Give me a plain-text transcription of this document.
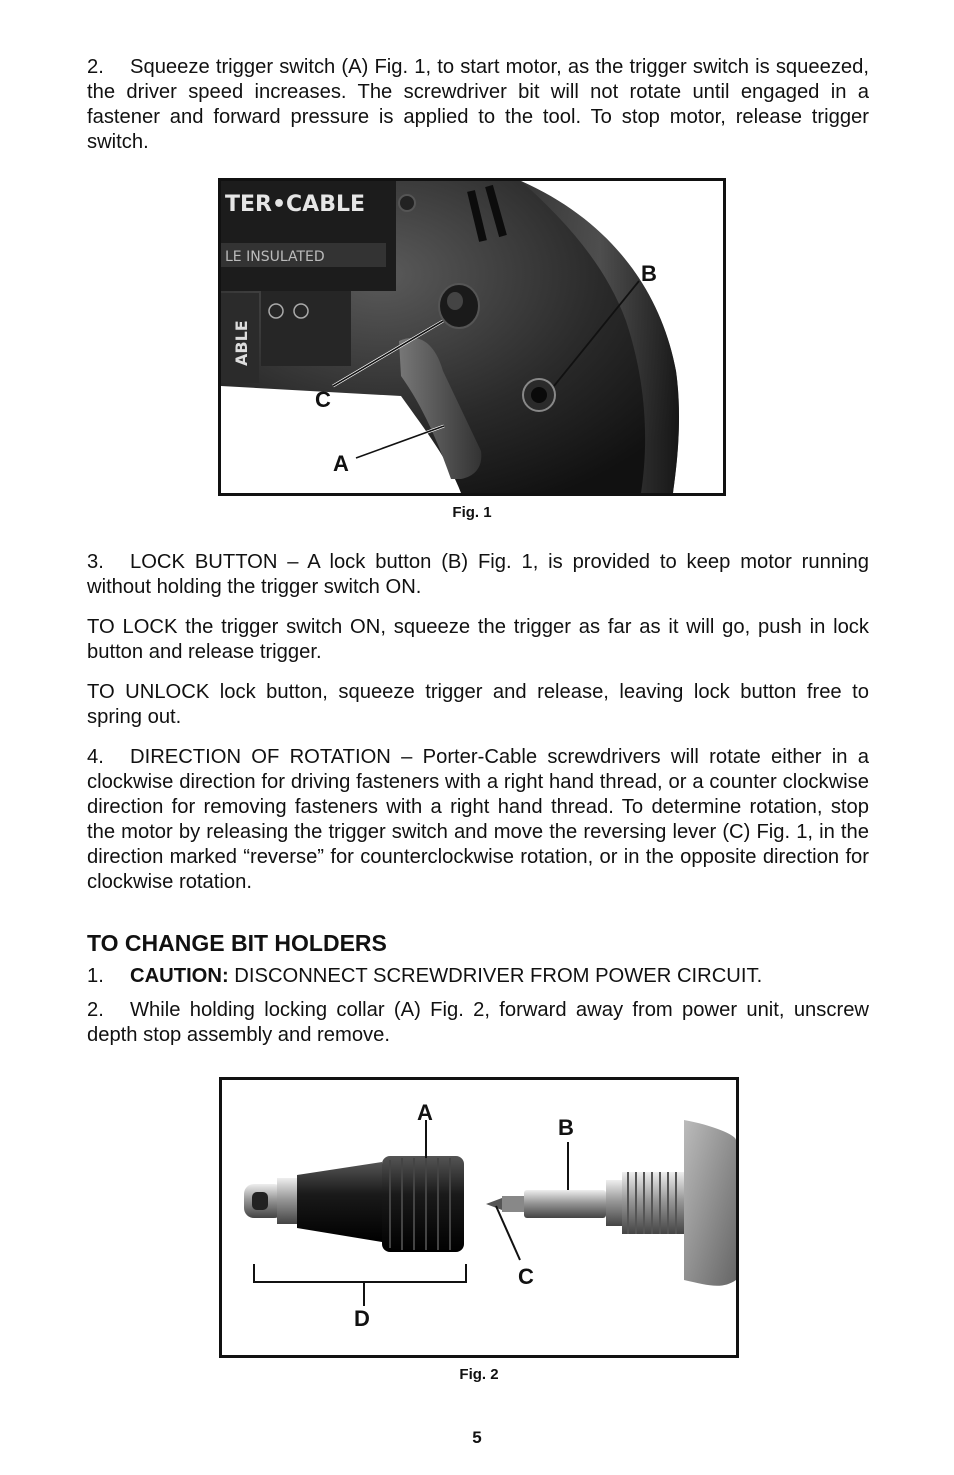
2. Squeeze trigger switch (A) Fig. 1, to start motor, as the trigger switch is squeezed, the driver speed increases. The screwdriver bit will not rotate until engaged in a fastener and forward pressure is applied to the tool. To stop motor, release trigger switch.

TER•CABLE
LE INSULATED
ABLE
B
C
A

Fig. 1

3. LOCK BUTTON – A lock button (B) Fig. 1, is provided to keep motor running without holding the trigger switch ON.

TO LOCK the trigger switch ON, squeeze the trigger as far as it will go, push in lock button and release trigger.

TO UNLOCK lock button, squeeze trigger and release, leaving lock button free to spring out.

4. DIRECTION OF ROTATION – Porter-Cable screwdrivers will rotate either in a clockwise direction for driving fasteners with a right hand thread, or a counter clockwise direction for removing fasteners with a right hand thread. To determine rotation, stop the motor by releasing the trigger switch and move the reversing lever (C) Fig. 1, in the direction marked “reverse” for counterclockwise rotation, or in the opposite direction for clockwise rotation.

TO CHANGE BIT HOLDERS

1. CAUTION: DISCONNECT SCREWDRIVER FROM POWER CIRCUIT.

2. While holding locking collar (A) Fig. 2, forward away from power unit, unscrew depth stop assembly and remove.

A
B
C
D

Fig. 2

5
